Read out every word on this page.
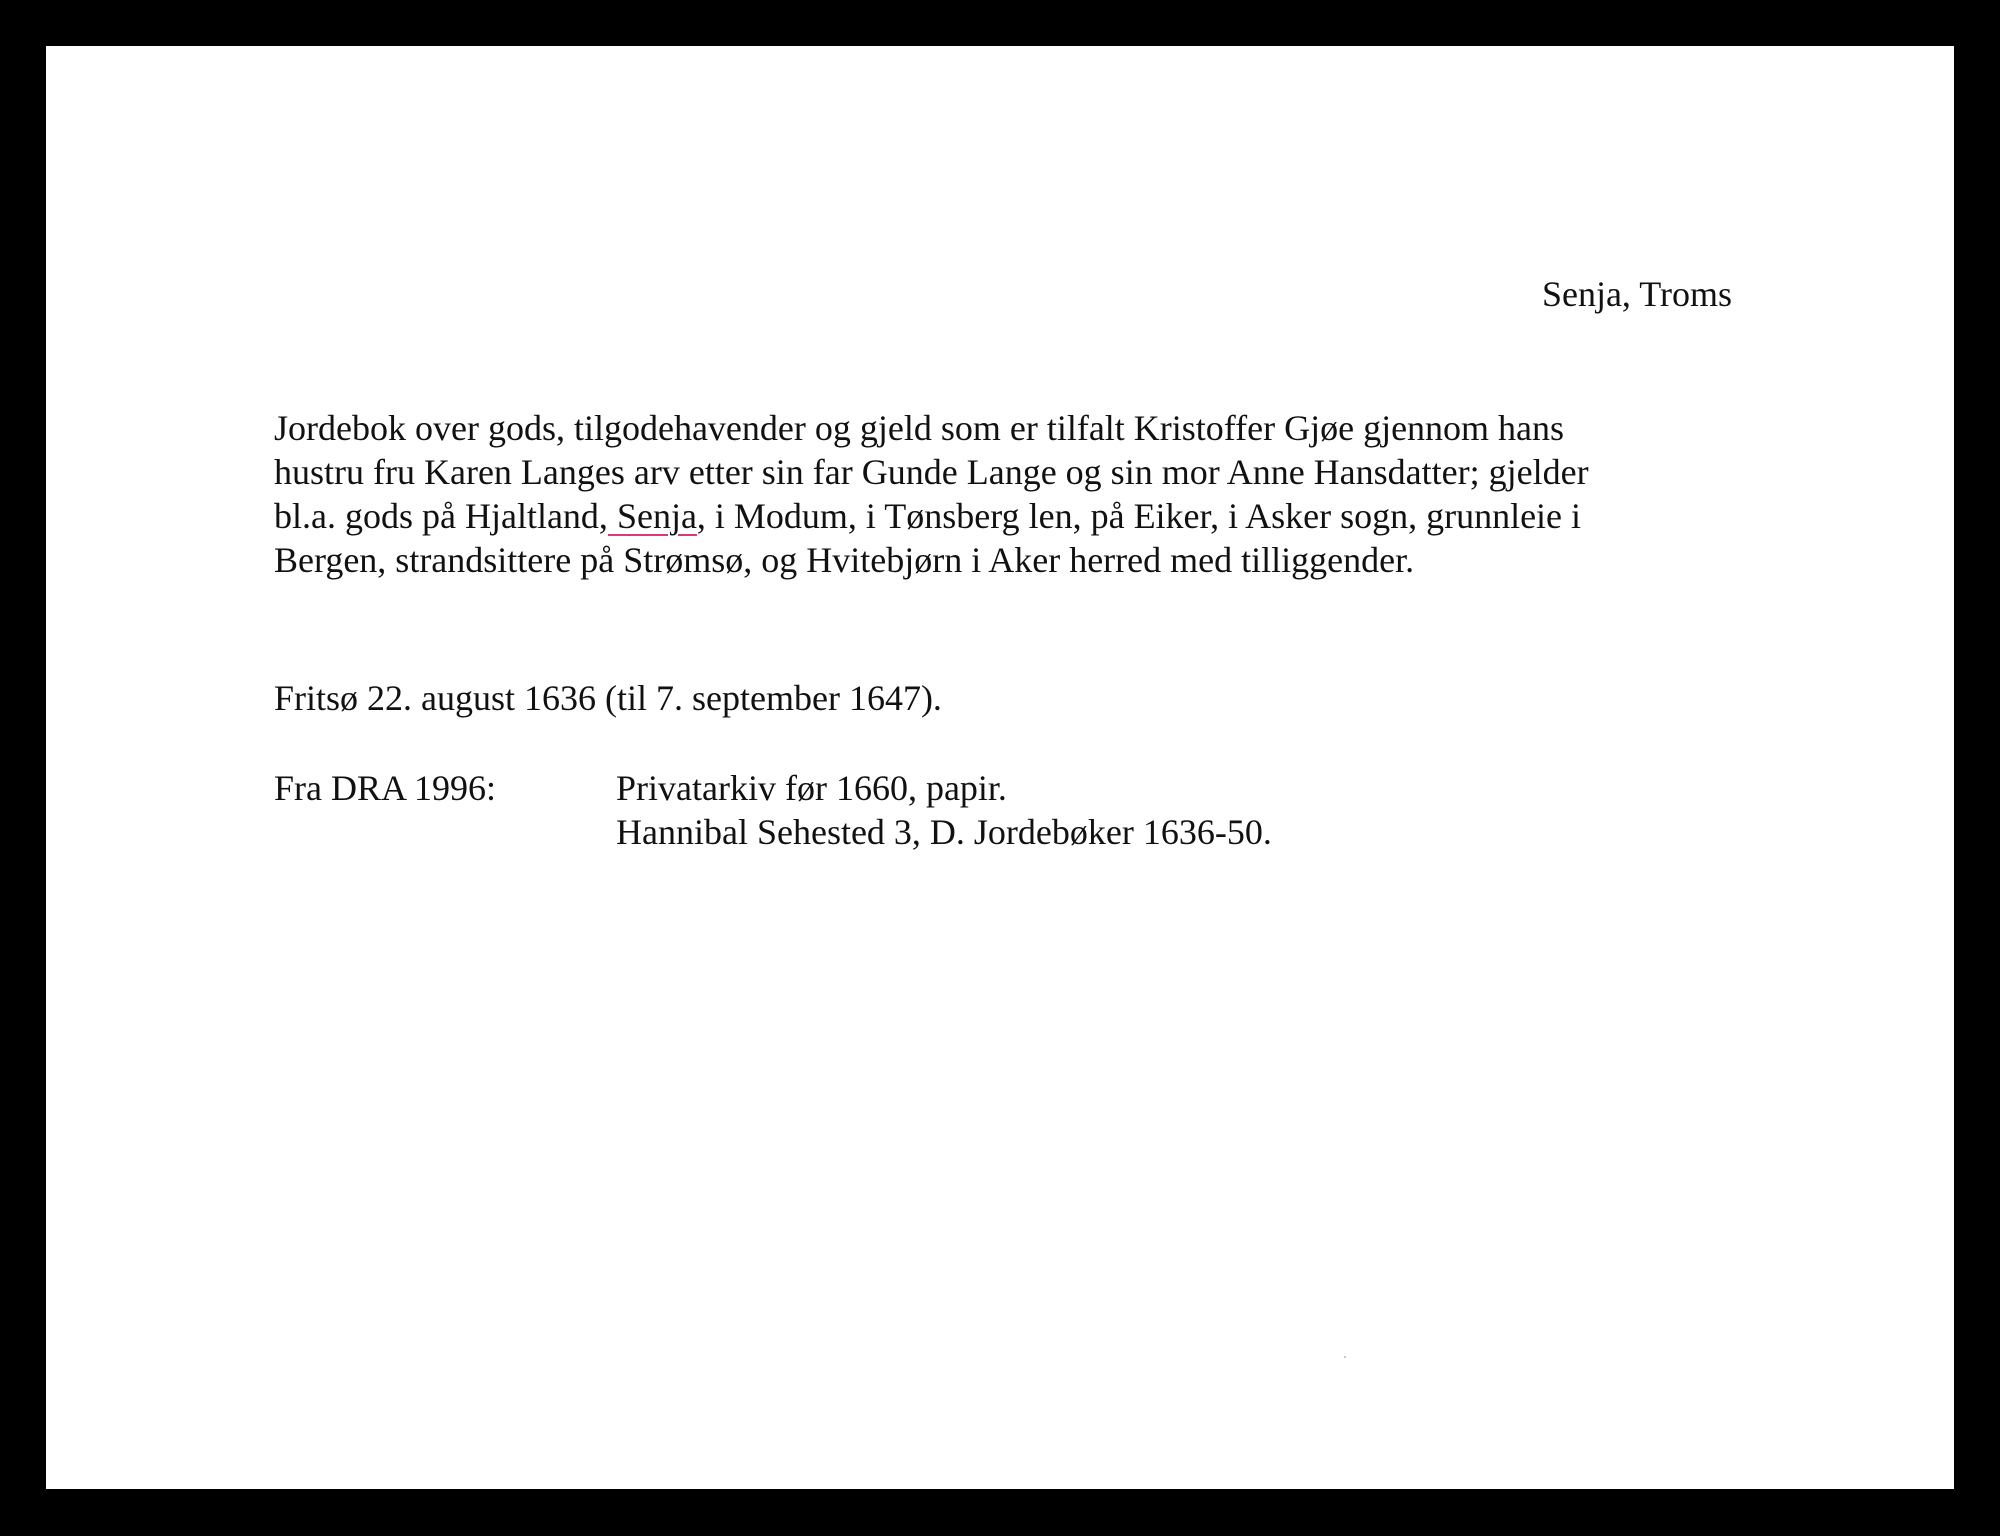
Senja, Troms
Jordebok over gods, tilgodehavender og gjeld som er tilfalt Kristoffer Gjøe gjennom hans
hustru fru Karen Langes arv etter sin far Gunde Lange og sin mor Anne Hansdatter; gjelder
bl.a. gods på Hjaltland, Senja, i Modum, i Tønsberg len, på Eiker, i Asker sogn, grunnleie i
Bergen, strandsittere på Strømsø, og Hvitebjørn i Aker herred med tilliggender.
Fritsø 22. august 1636 (til 7. september 1647).
Fra DRA 1996:	Privatarkiv før 1660, papir.
Hannibal Sehested 3, D. Jordebøker 1636-50.
